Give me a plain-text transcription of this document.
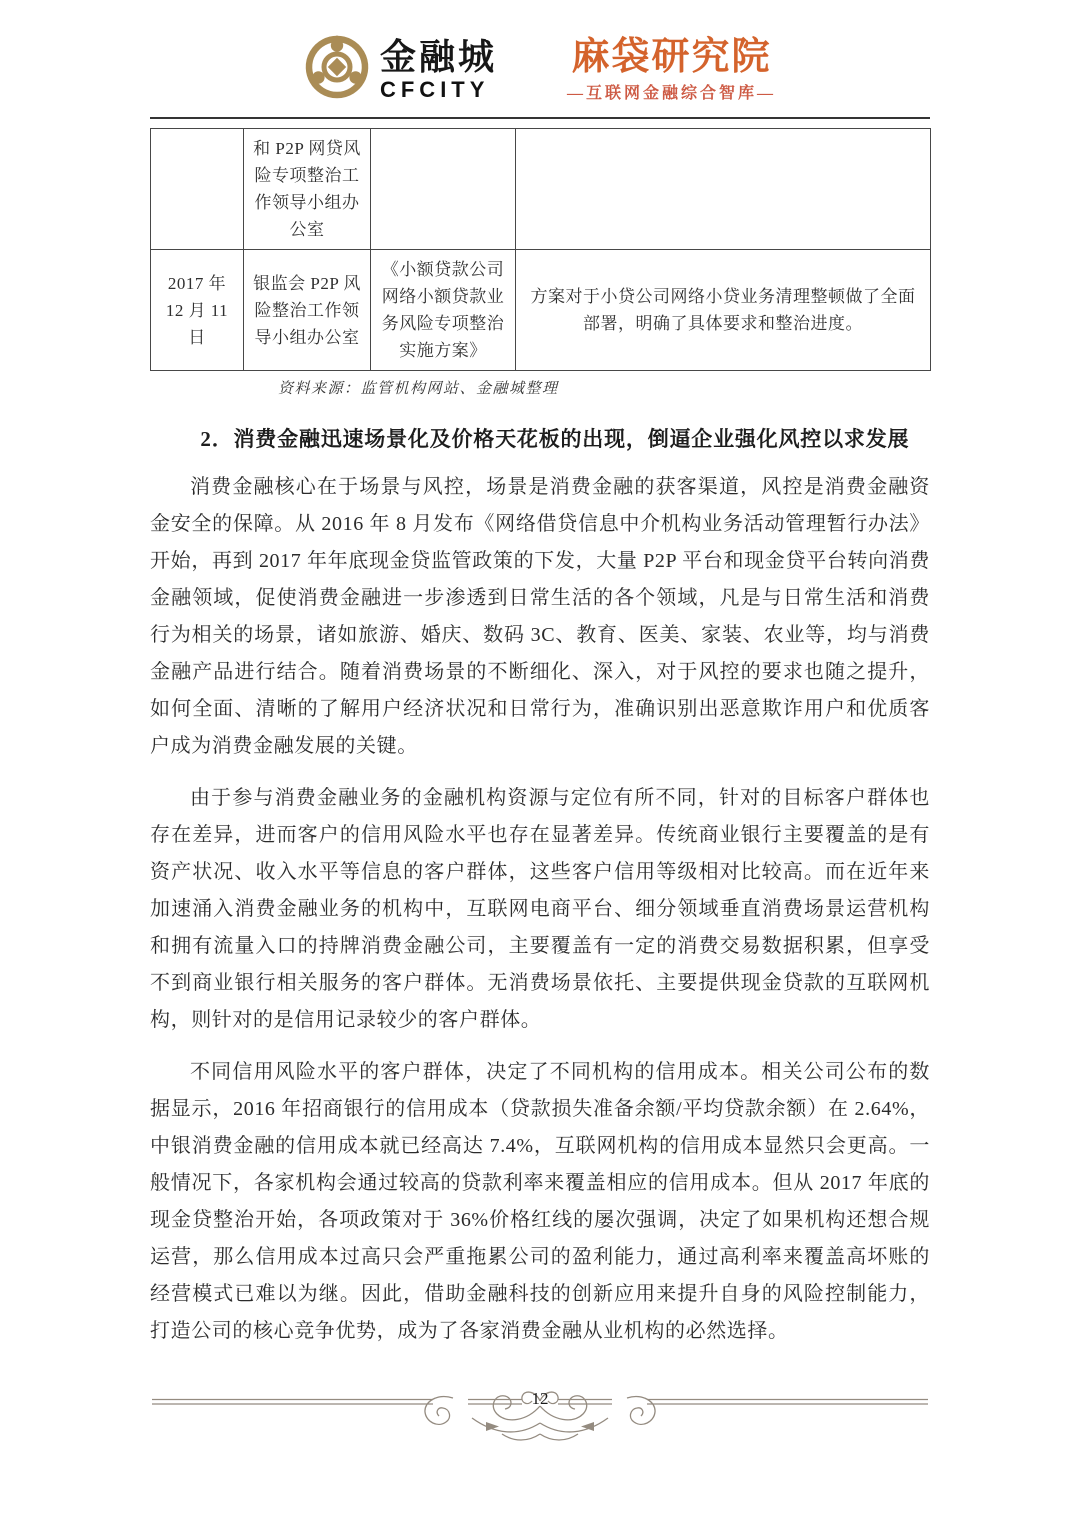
金融城
CFCITY
麻袋研究院
—互联网金融综合智库—
	和 P2P 网贷风险专项整治工作领导小组办公室		
2017 年 12 月 11 日	银监会 P2P 风险整治工作领导小组办公室	《小额贷款公司网络小额贷款业务风险专项整治实施方案》	方案对于小贷公司网络小贷业务清理整顿做了全面部署，明确了具体要求和整治进度。
资料来源：监管机构网站、金融城整理
2．消费金融迅速场景化及价格天花板的出现，倒逼企业强化风控以求发展

消费金融核心在于场景与风控，场景是消费金融的获客渠道，风控是消费金融资金安全的保障。从 2016 年 8 月发布《网络借贷信息中介机构业务活动管理暂行办法》开始，再到 2017 年年底现金贷监管政策的下发，大量 P2P 平台和现金贷平台转向消费金融领域，促使消费金融进一步渗透到日常生活的各个领域，凡是与日常生活和消费行为相关的场景，诸如旅游、婚庆、数码 3C、教育、医美、家装、农业等，均与消费金融产品进行结合。随着消费场景的不断细化、深入，对于风控的要求也随之提升，如何全面、清晰的了解用户经济状况和日常行为，准确识别出恶意欺诈用户和优质客户成为消费金融发展的关键。

由于参与消费金融业务的金融机构资源与定位有所不同，针对的目标客户群体也存在差异，进而客户的信用风险水平也存在显著差异。传统商业银行主要覆盖的是有资产状况、收入水平等信息的客户群体，这些客户信用等级相对比较高。而在近年来加速涌入消费金融业务的机构中，互联网电商平台、细分领域垂直消费场景运营机构和拥有流量入口的持牌消费金融公司，主要覆盖有一定的消费交易数据积累，但享受不到商业银行相关服务的客户群体。无消费场景依托、主要提供现金贷款的互联网机构，则针对的是信用记录较少的客户群体。

不同信用风险水平的客户群体，决定了不同机构的信用成本。相关公司公布的数据显示，2016 年招商银行的信用成本（贷款损失准备余额/平均贷款余额）在 2.64%，中银消费金融的信用成本就已经高达 7.4%，互联网机构的信用成本显然只会更高。一般情况下，各家机构会通过较高的贷款利率来覆盖相应的信用成本。但从 2017 年底的现金贷整治开始，各项政策对于 36%价格红线的屡次强调，决定了如果机构还想合规运营，那么信用成本过高只会严重拖累公司的盈利能力，通过高利率来覆盖高坏账的经营模式已难以为继。因此，借助金融科技的创新应用来提升自身的风险控制能力，打造公司的核心竞争优势，成为了各家消费金融从业机构的必然选择。

12
